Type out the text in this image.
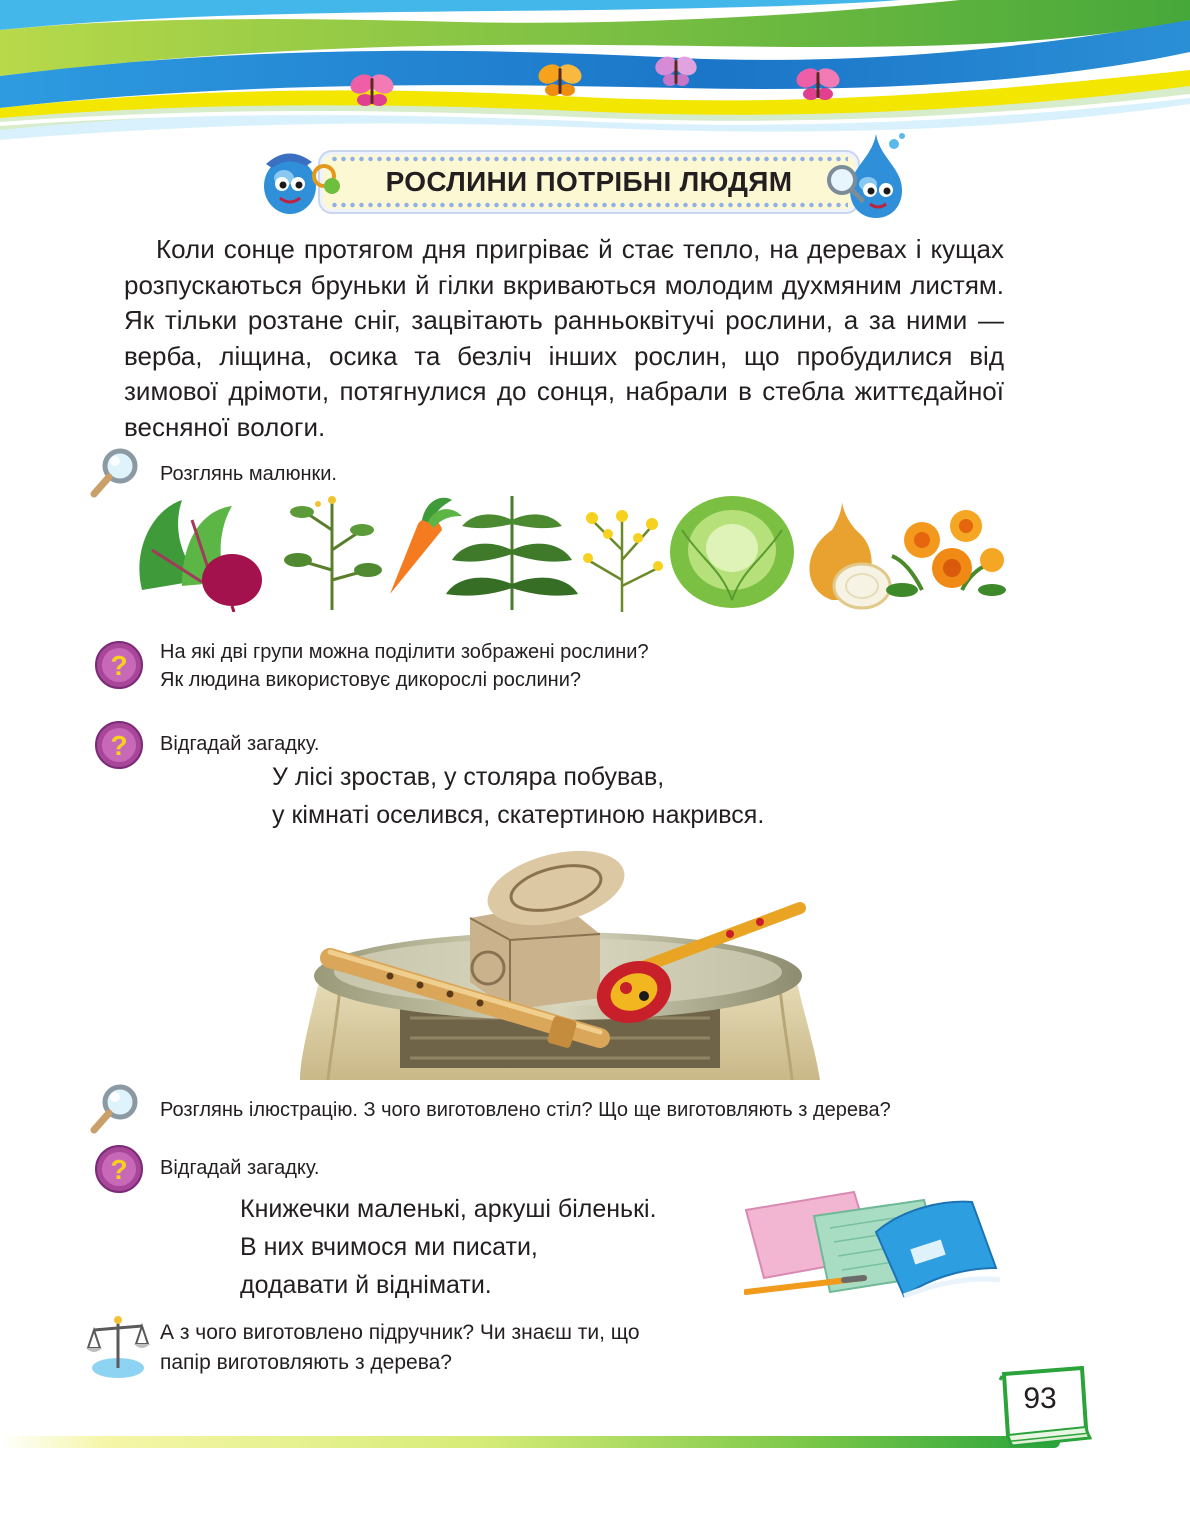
РОСЛИНИ ПОТРІБНІ ЛЮДЯМ

Коли сонце протягом дня пригріває й стає тепло, на деревах і кущах розпускаються бруньки й гілки вкриваються молодим духмяним листям. Як тільки розтане сніг, зацвітають ранньоквітучі рослини, а за ними — верба, ліщина, осика та безліч інших рослин, що пробудилися від зимової дрімоти, потягнулися до сонця, набрали в стебла життєдайної весняної вологи.

Розглянь малюнки.

? На які дві групи можна поділити зображені рослини?
Як людина використовує дикорослі рослини?

? Відгадай загадку.

У лісі зростав, у столяра побував,
у кімнаті оселився, скатертиною накрився.

Розглянь ілюстрацію. З чого виготовлено стіл? Що ще виготовляють з дерева?

? Відгадай загадку.

Книжечки маленькі, аркуші біленькі.
В них вчимося ми писати,
додавати й віднімати.

А з чого виготовлено підручник? Чи знаєш ти, що
папір виготовляють з дерева?

93
